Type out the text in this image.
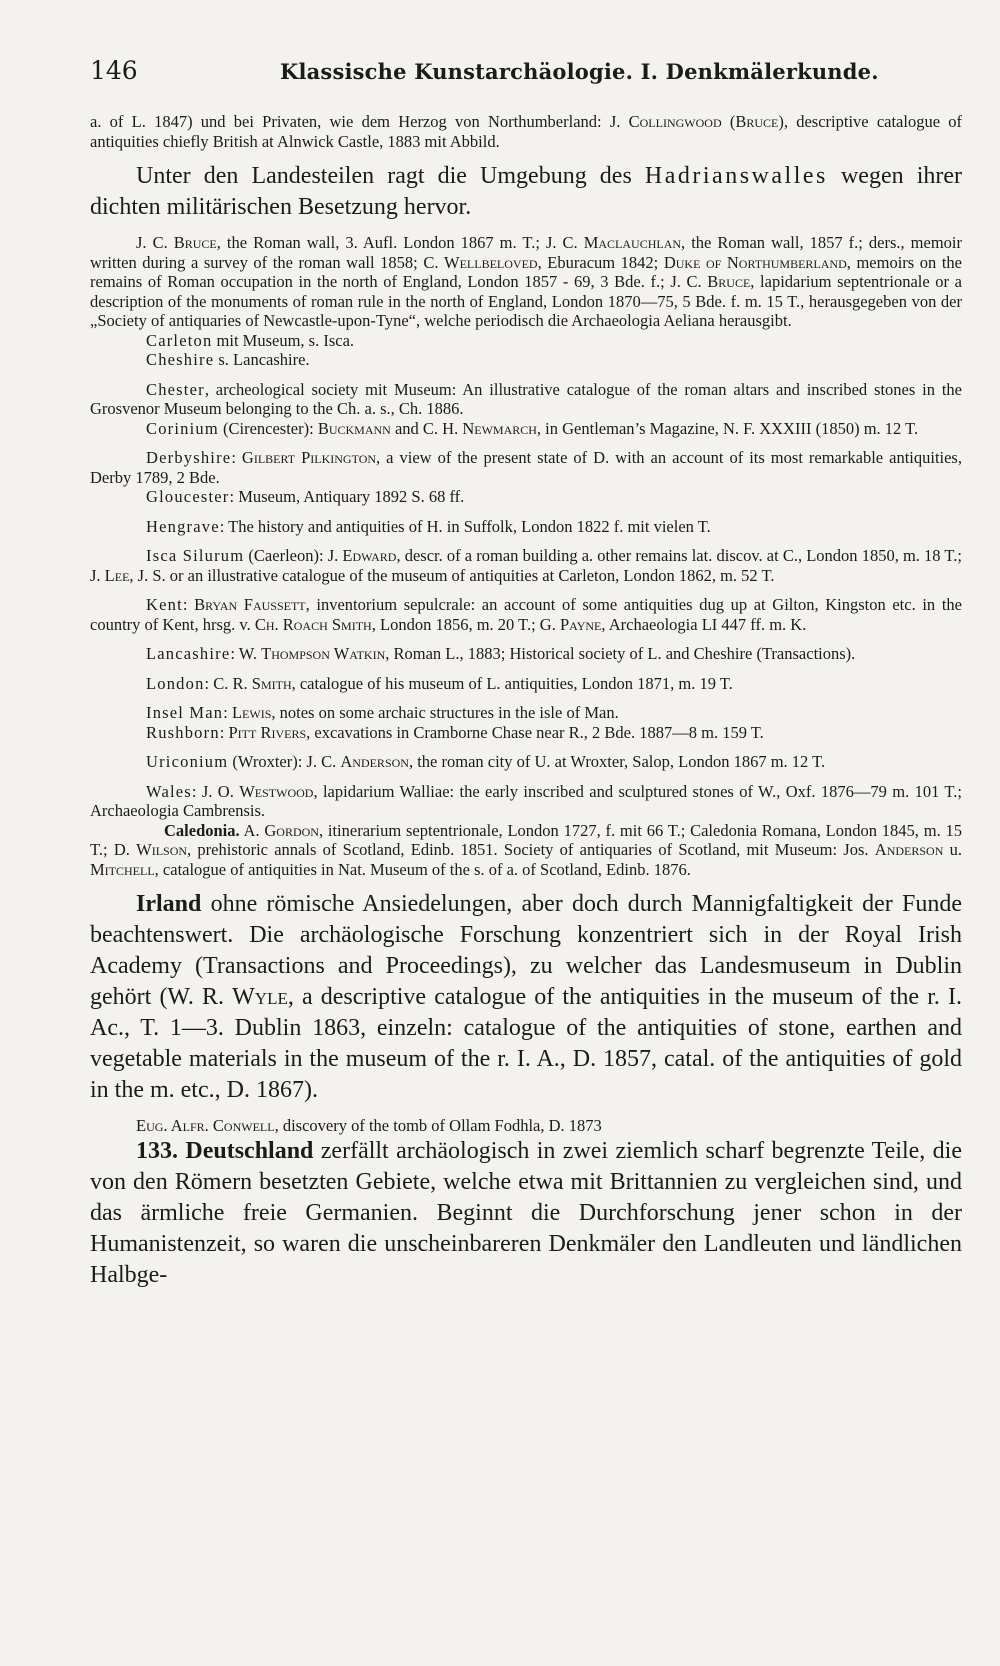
146	Klassische Kunstarchäologie. I. Denkmälerkunde.

a. of L. 1847) und bei Privaten, wie dem Herzog von Northumberland: J. Collingwood (Bruce), descriptive catalogue of antiquities chiefly British at Alnwick Castle, 1883 mit Abbild.

Unter den Landesteilen ragt die Umgebung des Hadrianswalles wegen ihrer dichten militärischen Besetzung hervor.

J. C. Bruce, the Roman wall, 3. Aufl. London 1867 m. T.; J. C. Maclauchlan, the Roman wall, 1857 f.; ders., memoir written during a survey of the roman wall 1858; C. Wellbeloved, Eburacum 1842; Duke of Northumberland, memoirs on the remains of Roman occupation in the north of England, London 1857 - 69, 3 Bde. f.; J. C. Bruce, lapidarium septentrionale or a description of the monuments of roman rule in the north of England, London 1870—75, 5 Bde. f. m. 15 T., herausgegeben von der „Society of antiquaries of Newcastle-upon-Tyne“, welche periodisch die Archaeologia Aeliana herausgibt.

Carleton mit Museum, s. Isca.

Cheshire s. Lancashire.

Chester, archeological society mit Museum: An illustrative catalogue of the roman altars and inscribed stones in the Grosvenor Museum belonging to the Ch. a. s., Ch. 1886.

Corinium (Cirencester): Buckmann and C. H. Newmarch, in Gentleman’s Magazine, N. F. XXXIII (1850) m. 12 T.

Derbyshire: Gilbert Pilkington, a view of the present state of D. with an account of its most remarkable antiquities, Derby 1789, 2 Bde.

Gloucester: Museum, Antiquary 1892 S. 68 ff.

Hengrave: The history and antiquities of H. in Suffolk, London 1822 f. mit vielen T.

Isca Silurum (Caerleon): J. Edward, descr. of a roman building a. other remains lat. discov. at C., London 1850, m. 18 T.; J. Lee, J. S. or an illustrative catalogue of the museum of antiquities at Carleton, London 1862, m. 52 T.

Kent: Bryan Faussett, inventorium sepulcrale: an account of some antiquities dug up at Gilton, Kingston etc. in the country of Kent, hrsg. v. Ch. Roach Smith, London 1856, m. 20 T.; G. Payne, Archaeologia LI 447 ff. m. K.

Lancashire: W. Thompson Watkin, Roman L., 1883; Historical society of L. and Cheshire (Transactions).

London: C. R. Smith, catalogue of his museum of L. antiquities, London 1871, m. 19 T.

Insel Man: Lewis, notes on some archaic structures in the isle of Man.

Rushborn: Pitt Rivers, excavations in Cramborne Chase near R., 2 Bde. 1887—8 m. 159 T.

Uriconium (Wroxter): J. C. Anderson, the roman city of U. at Wroxter, Salop, London 1867 m. 12 T.

Wales: J. O. Westwood, lapidarium Walliae: the early inscribed and sculptured stones of W., Oxf. 1876—79 m. 101 T.; Archaeologia Cambrensis.

Caledonia. A. Gordon, itinerarium septentrionale, London 1727, f. mit 66 T.; Caledonia Romana, London 1845, m. 15 T.; D. Wilson, prehistoric annals of Scotland, Edinb. 1851. Society of antiquaries of Scotland, mit Museum: Jos. Anderson u. Mitchell, catalogue of antiquities in Nat. Museum of the s. of a. of Scotland, Edinb. 1876.

Irland ohne römische Ansiedelungen, aber doch durch Mannigfaltigkeit der Funde beachtenswert. Die archäologische Forschung konzentriert sich in der Royal Irish Academy (Transactions and Proceedings), zu welcher das Landesmuseum in Dublin gehört (W. R. Wyle, a descriptive catalogue of the antiquities in the museum of the r. I. Ac., T. 1—3. Dublin 1863, einzeln: catalogue of the antiquities of stone, earthen and vegetable materials in the museum of the r. I. A., D. 1857, catal. of the antiquities of gold in the m. etc., D. 1867).

Eug. Alfr. Conwell, discovery of the tomb of Ollam Fodhla, D. 1873

133. Deutschland zerfällt archäologisch in zwei ziemlich scharf begrenzte Teile, die von den Römern besetzten Gebiete, welche etwa mit Brittannien zu vergleichen sind, und das ärmliche freie Germanien. Beginnt die Durchforschung jener schon in der Humanistenzeit, so waren die unscheinbareren Denkmäler den Landleuten und ländlichen Halbge-
